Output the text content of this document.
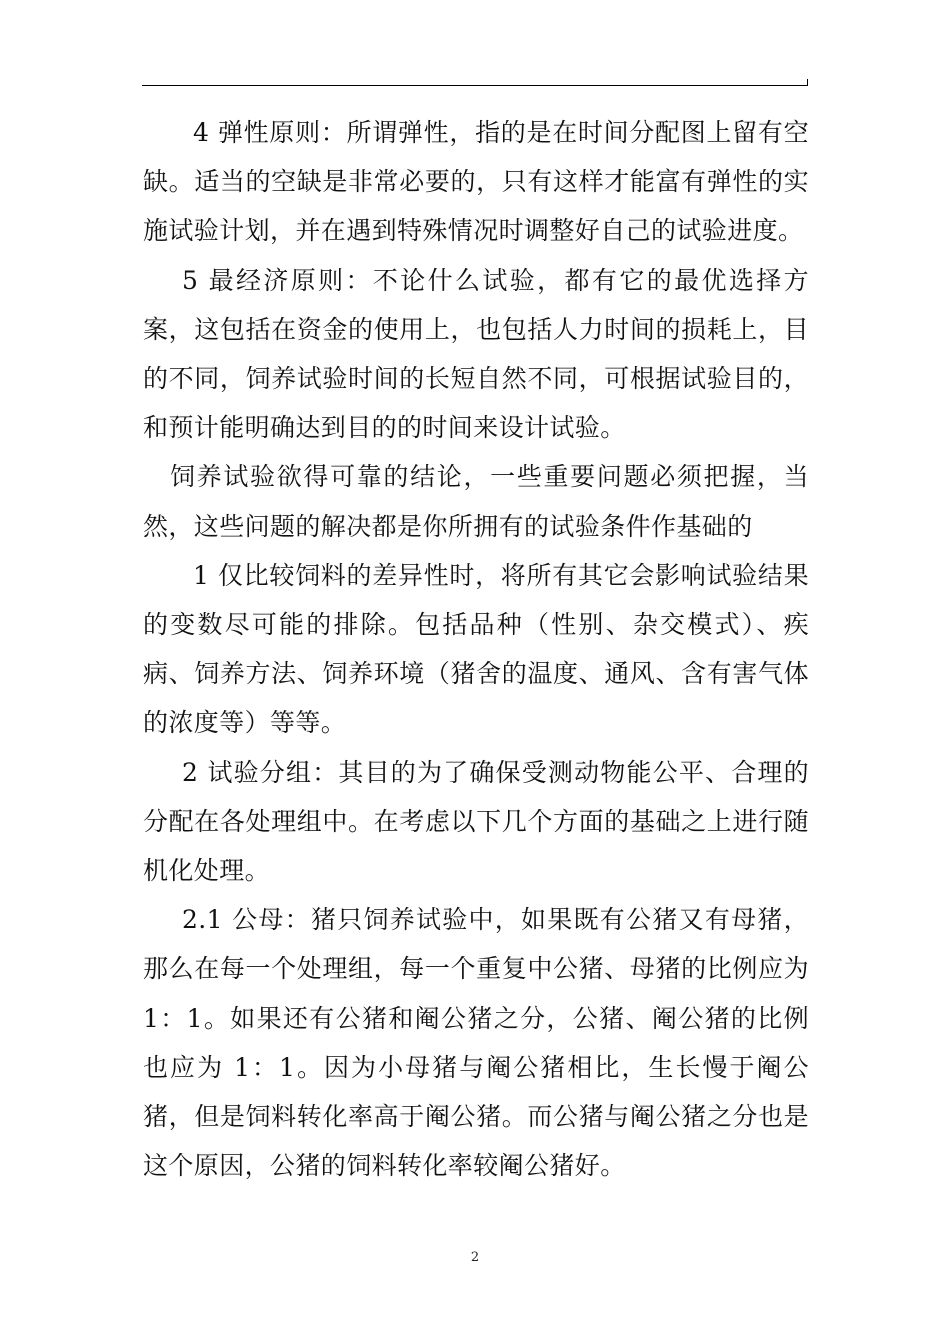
4 弹性原则：所谓弹性，指的是在时间分配图上留有空缺。适当的空缺是非常必要的，只有这样才能富有弹性的实施试验计划，并在遇到特殊情况时调整好自己的试验进度。

5 最经济原则：不论什么试验，都有它的最优选择方案，这包括在资金的使用上，也包括人力时间的损耗上，目的不同，饲养试验时间的长短自然不同，可根据试验目的，和预计能明确达到目的的时间来设计试验。

饲养试验欲得可靠的结论，一些重要问题必须把握，当然，这些问题的解决都是你所拥有的试验条件作基础的

1 仅比较饲料的差异性时，将所有其它会影响试验结果的变数尽可能的排除。包括品种（性别、杂交模式）、疾病、饲养方法、饲养环境（猪舍的温度、通风、含有害气体的浓度等）等等。

2 试验分组：其目的为了确保受测动物能公平、合理的分配在各处理组中。在考虑以下几个方面的基础之上进行随机化处理。

2.1 公母：猪只饲养试验中，如果既有公猪又有母猪，那么在每一个处理组，每一个重复中公猪、母猪的比例应为 1：1。如果还有公猪和阉公猪之分，公猪、阉公猪的比例也应为 1：1。因为小母猪与阉公猪相比，生长慢于阉公猪，但是饲料转化率高于阉公猪。而公猪与阉公猪之分也是这个原因，公猪的饲料转化率较阉公猪好。

2
